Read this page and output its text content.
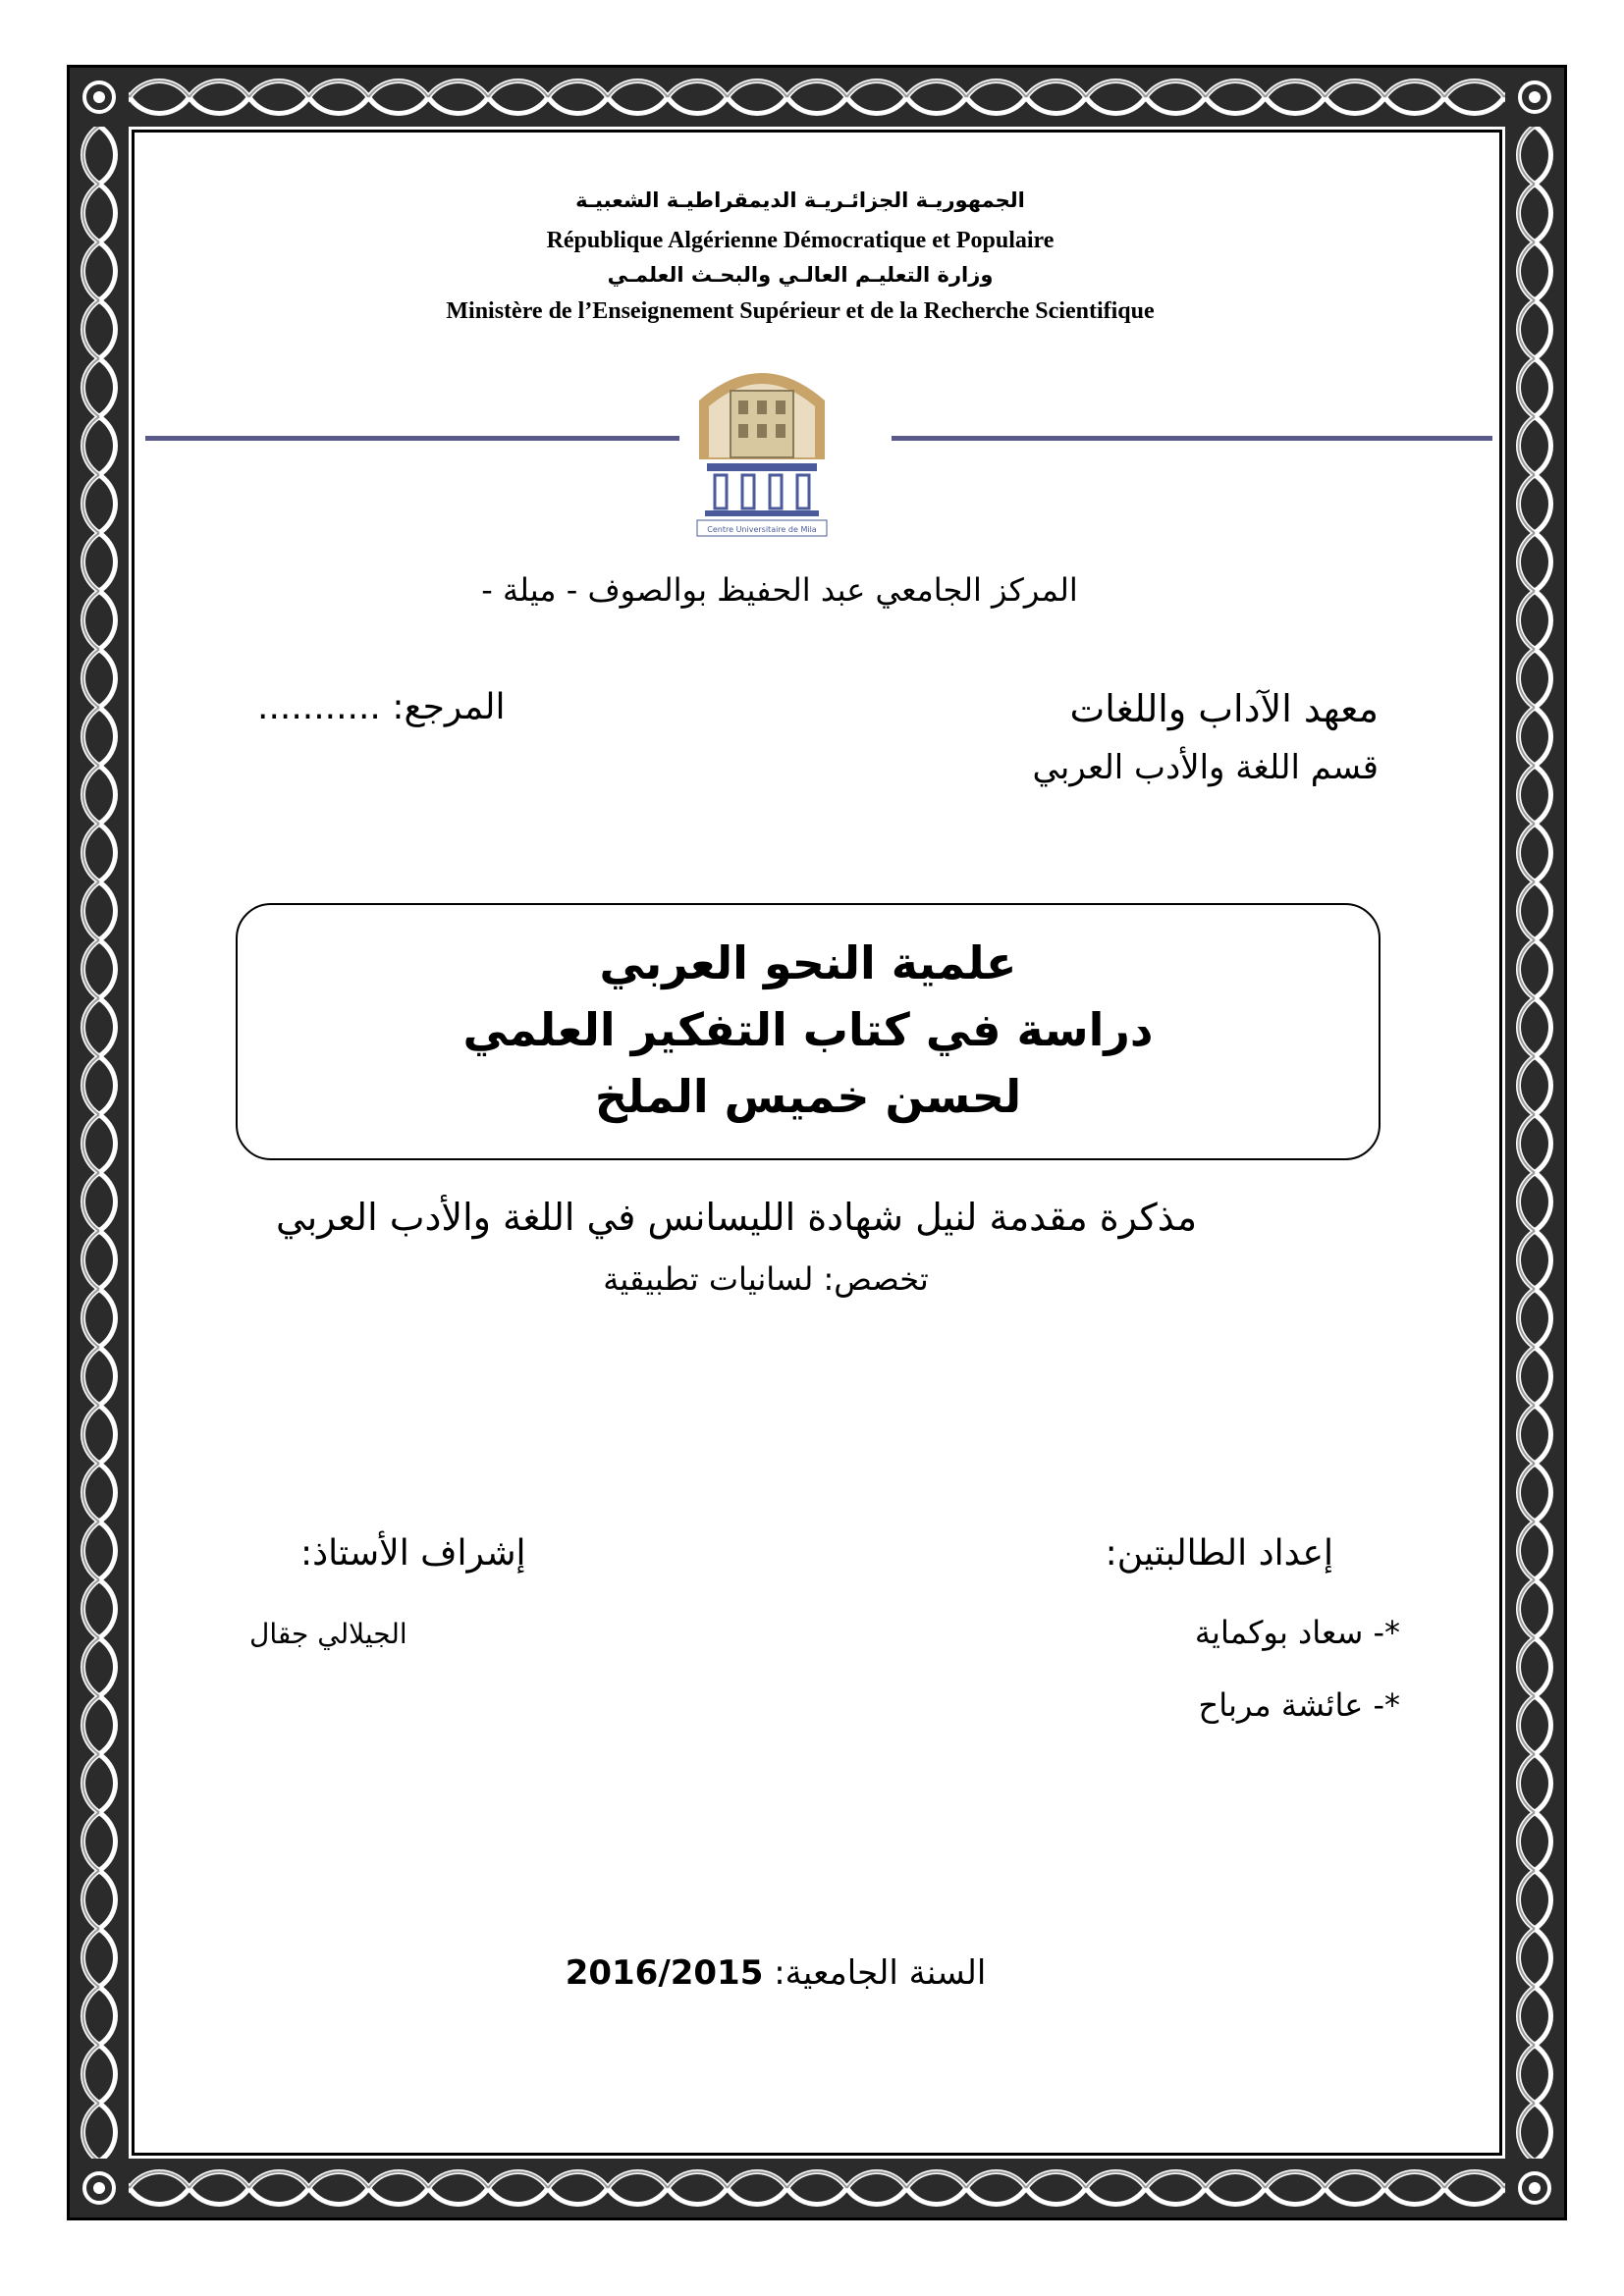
الجمهوريـة الجزائـريـة الديمقراطيـة الشعبيـة
République Algérienne Démocratique et Populaire
وزارة التعليـم العالـي والبحـث العلمـي
Ministère de l’Enseignement Supérieur et de la Recherche Scientifique
Centre Universitaire de Mila
المركز الجامعي عبد الحفيظ بوالصوف - ميلة -
معهد الآداب واللغات
قسم اللغة والأدب العربي
المرجع: ...........
علمية النحو العربي
دراسة في كتاب التفكير العلمي
لحسن خميس الملخ
مذكرة مقدمة لنيل شهادة الليسانس في اللغة والأدب العربي
تخصص: لسانيات تطبيقية
إعداد الطالبتين:
*- سعاد بوكماية
*- عائشة مرباح
إشراف الأستاذ:
الجيلالي جقال
السنة الجامعية: 2016/2015
